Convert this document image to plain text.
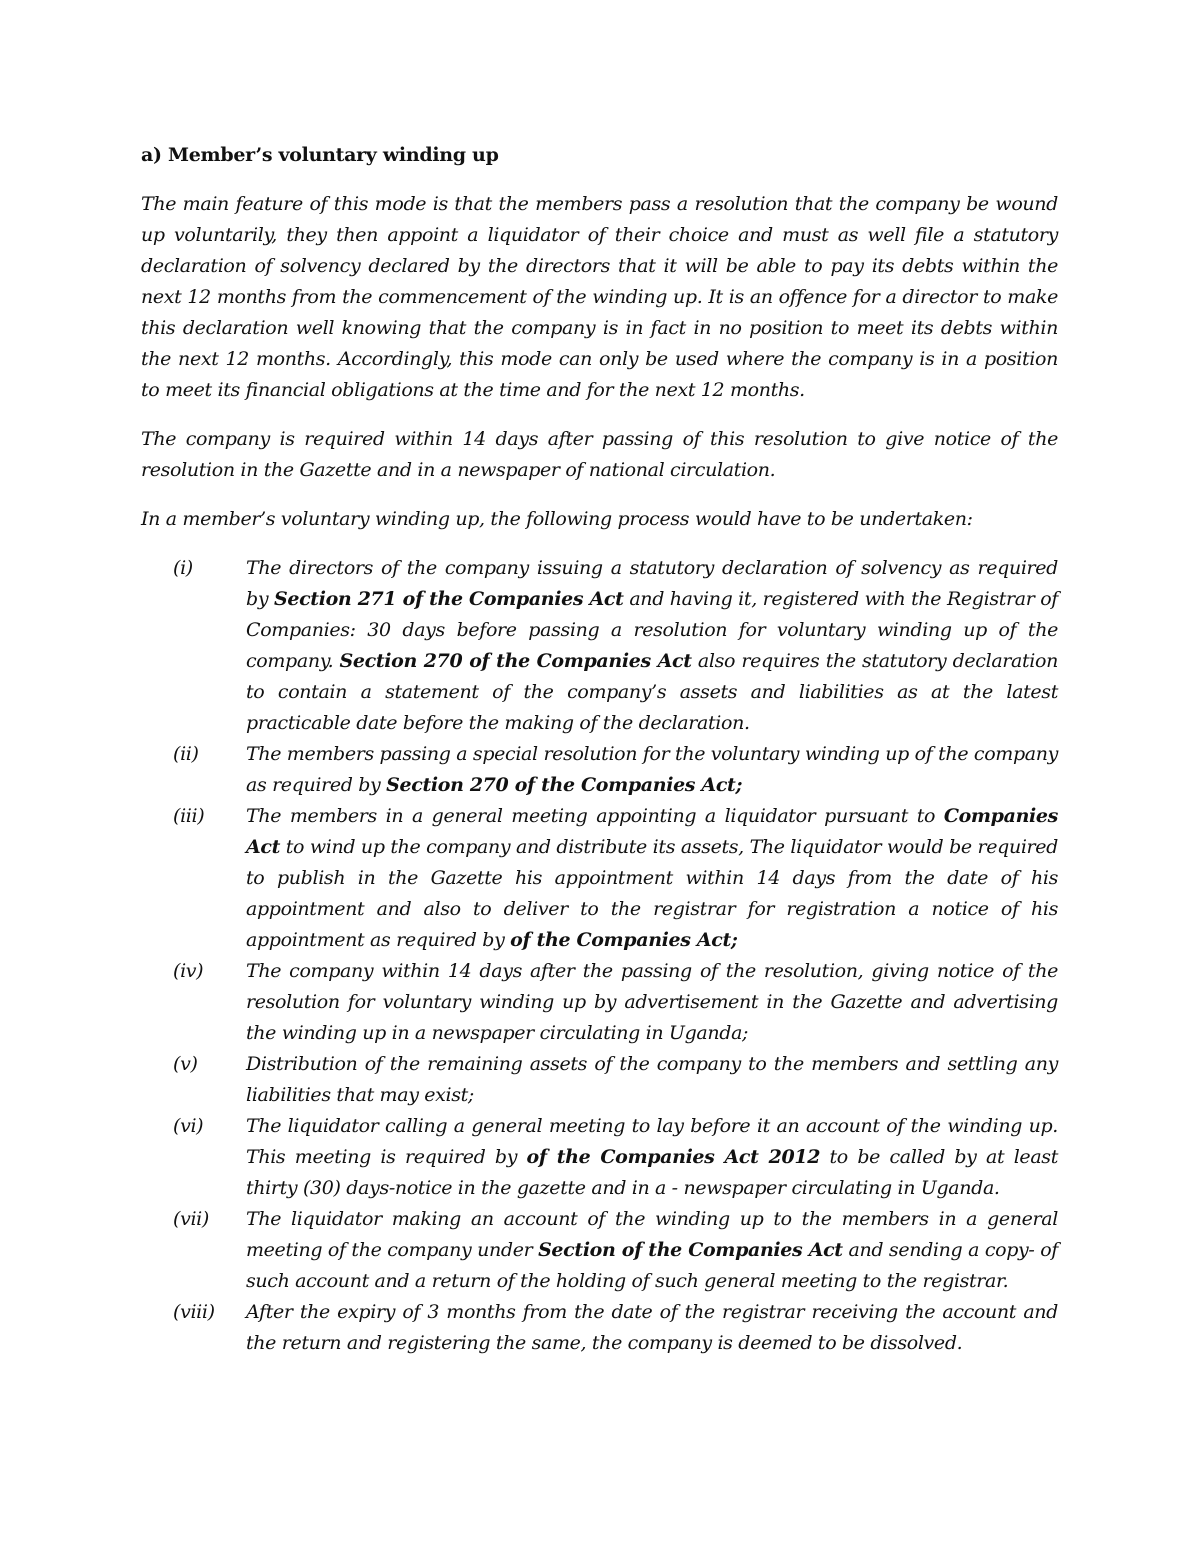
a) Member’s voluntary winding up

The main feature of this mode is that the members pass a resolution that the company be wound up voluntarily, they then appoint a liquidator of their choice and must as well file a statutory declaration of solvency declared by the directors that it will be able to pay its debts within the next 12 months from the commencement of the winding up. It is an offence for a director to make this declaration well knowing that the company is in fact in no position to meet its debts within the next 12 months. Accordingly, this mode can only be used where the company is in a position to meet its financial obligations at the time and for the next 12 months.

The company is required within 14 days after passing of this resolution to give notice of the resolution in the Gazette and in a newspaper of national circulation.

In a member’s voluntary winding up, the following process would have to be undertaken:

(i)	The directors of the company issuing a statutory declaration of solvency as required by Section 271 of the Companies Act and having it, registered with the Registrar of Companies: 30 days before passing a resolution for voluntary winding up of the company. Section 270 of the Companies Act also requires the statutory declaration to contain a statement of the company’s assets and liabilities as at the latest practicable date before the making of the declaration.
(ii)	The members passing a special resolution for the voluntary winding up of the company as required by Section 270 of the Companies Act;
(iii)	The members in a general meeting appointing a liquidator pursuant to Companies Act to wind up the company and distribute its assets, The liquidator would be required to publish in the Gazette his appointment within 14 days from the date of his appointment and also to deliver to the registrar for registration a notice of his appointment as required by of the Companies Act;
(iv)	The company within 14 days after the passing of the resolution, giving notice of the resolution for voluntary winding up by advertisement in the Gazette and advertising the winding up in a newspaper circulating in Uganda;
(v)	Distribution of the remaining assets of the company to the members and settling any liabilities that may exist;
(vi)	The liquidator calling a general meeting to lay before it an account of the winding up. This meeting is required by of the Companies Act 2012 to be called by at least thirty (30) days-notice in the gazette and in a - newspaper circulating in Uganda.
(vii)	The liquidator making an account of the winding up to the members in a general meeting of the company under Section of the Companies Act and sending a copy- of such account and a return of the holding of such general meeting to the registrar.
(viii)	After the expiry of 3 months from the date of the registrar receiving the account and the return and registering the same, the company is deemed to be dissolved.
